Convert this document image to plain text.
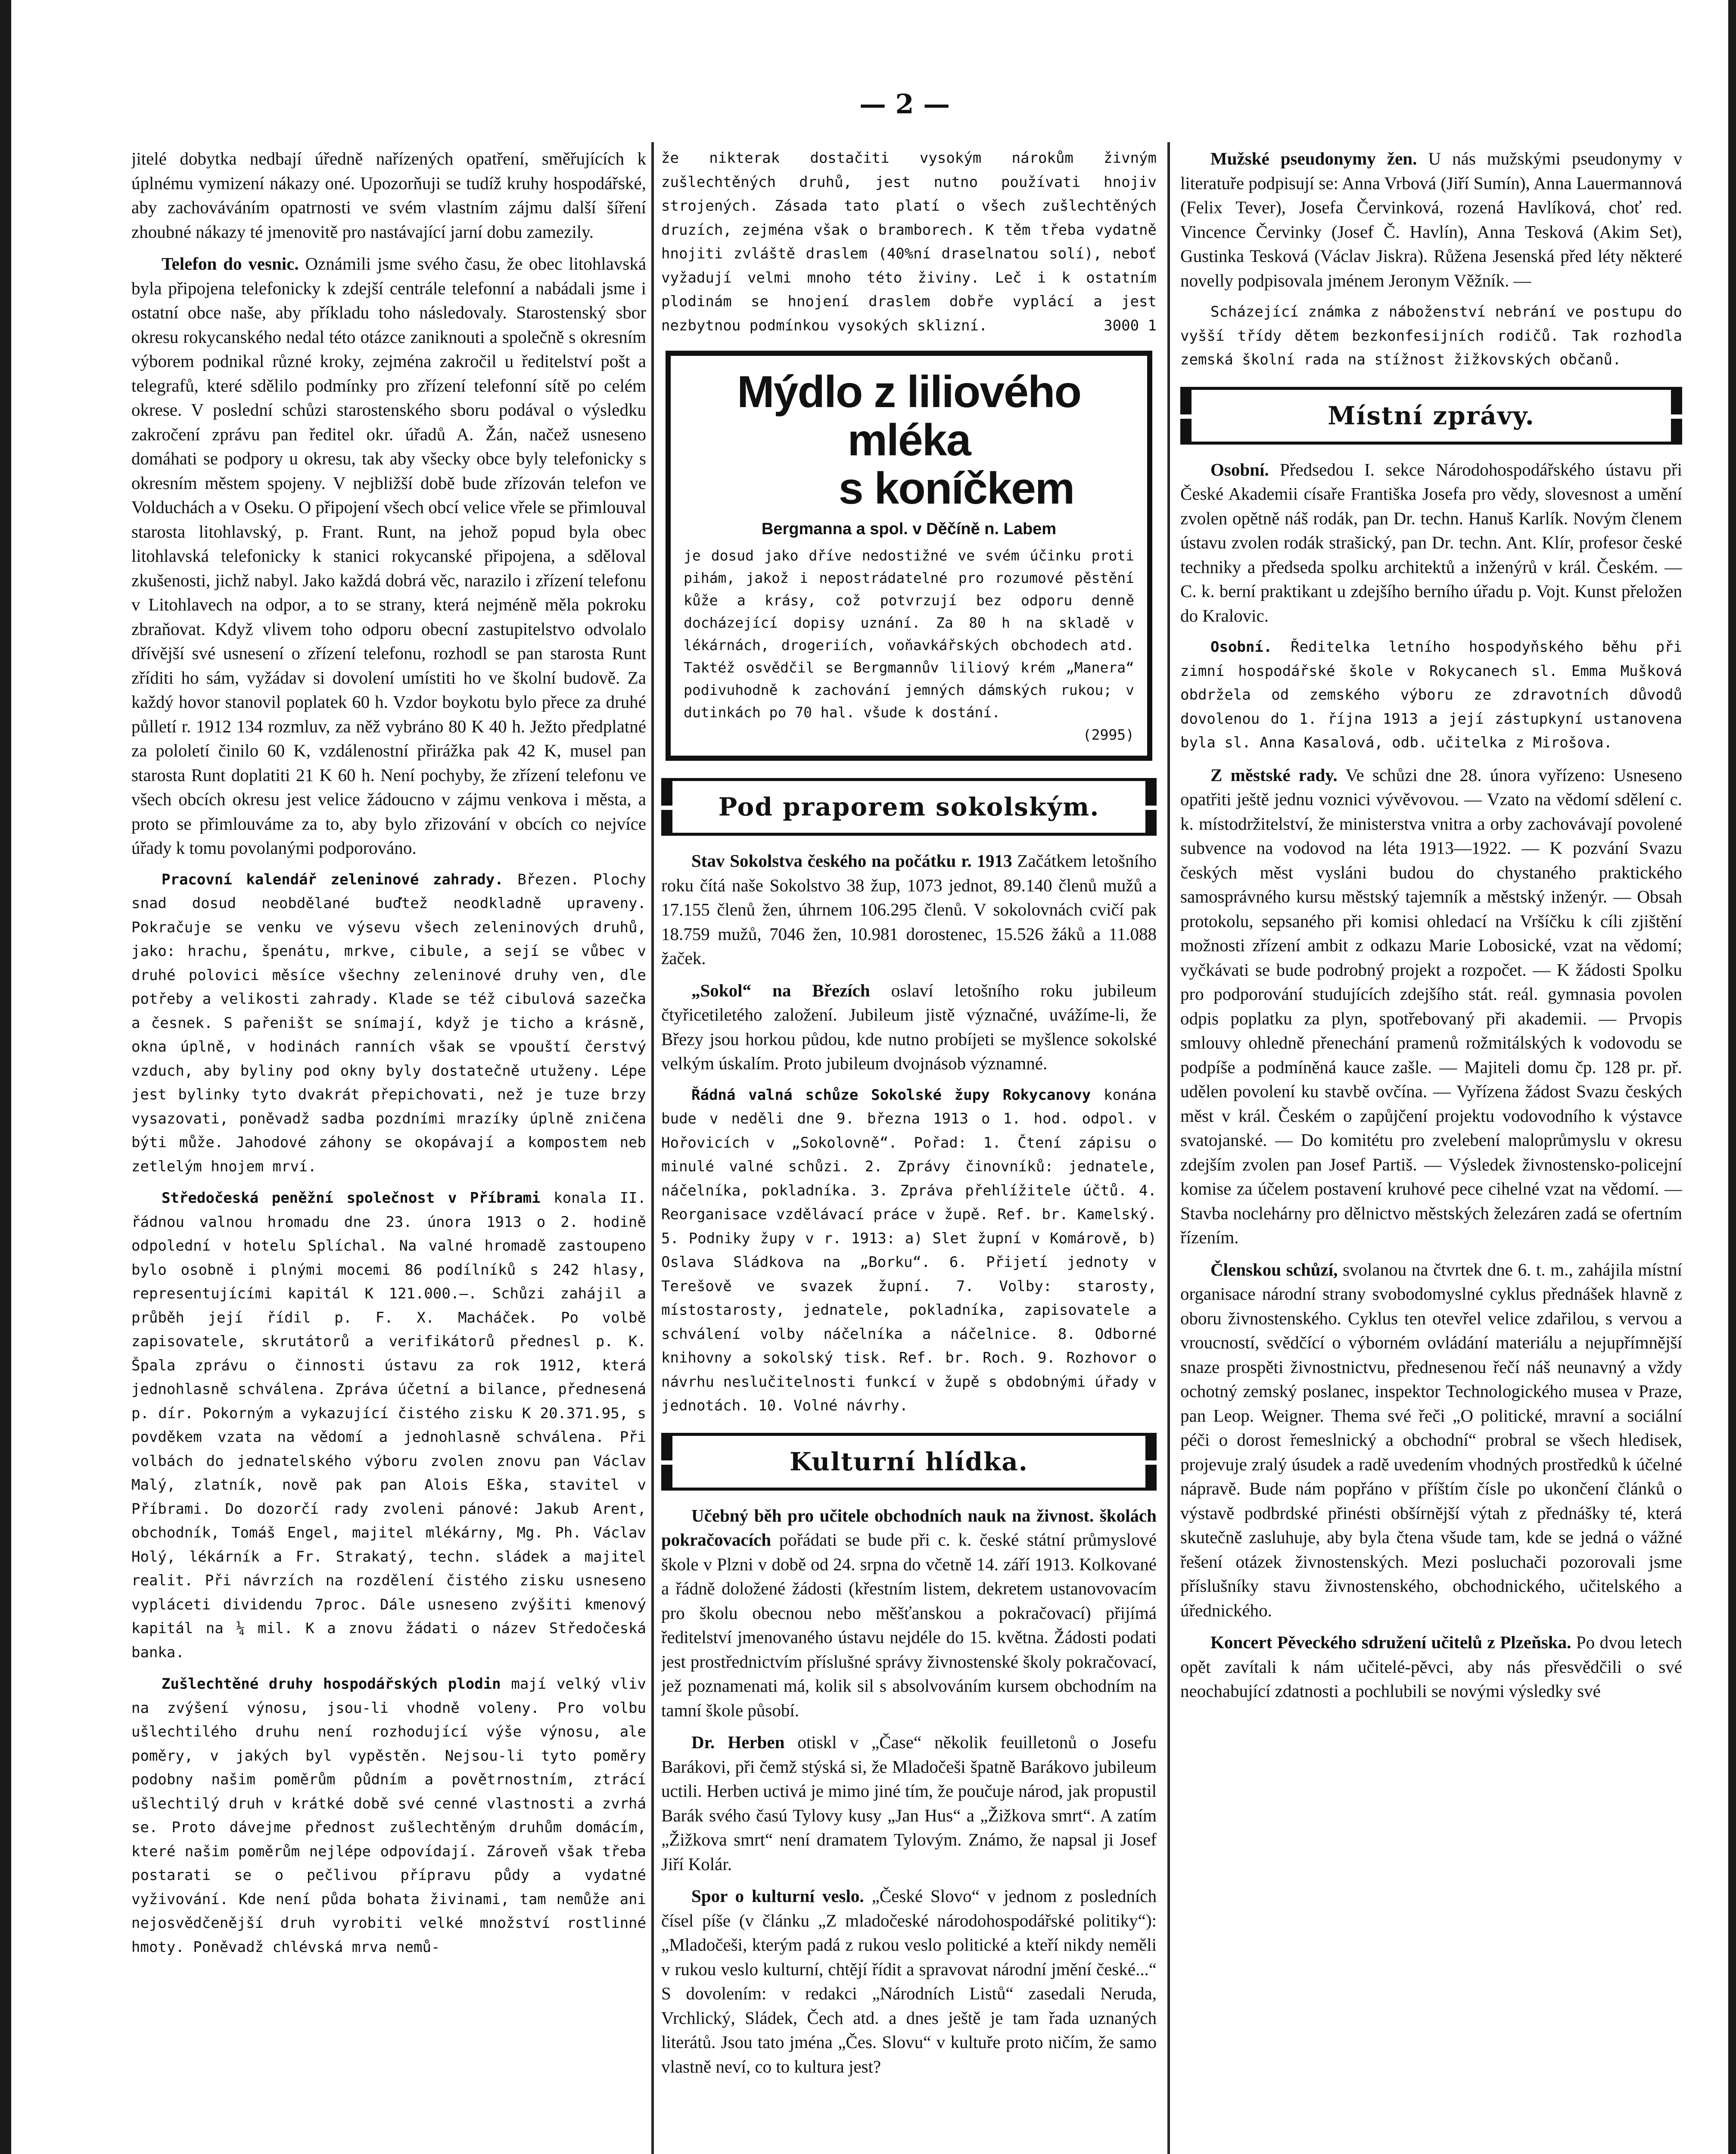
— 2 —

jitelé dobytka nedbají úředně nařízených opatření, směřujících k úplnému vymizení nákazy oné. Upozorňuji se tudíž kruhy hospodářské, aby zachováváním opatrnosti ve svém vlastním zájmu další šíření zhoubné nákazy té jmenovitě pro nastávající jarní dobu zamezily.

Telefon do vesnic. Oznámili jsme svého času, že obec litohlavská byla připojena telefonicky k zdejší centrále telefonní a nabádali jsme i ostatní obce naše, aby příkladu toho následovaly. Starostenský sbor okresu rokycanského nedal této otázce zaniknouti a společně s okresním výborem podnikal různé kroky, zejména zakročil u ředitelství pošt a telegrafů, které sdělilo podmínky pro zřízení telefonní sítě po celém okrese. V poslední schůzi starostenského sboru podával o výsledku zakročení zprávu pan ředitel okr. úřadů A. Žán, načež usneseno domáhati se podpory u okresu, tak aby všecky obce byly telefonicky s okresním městem spojeny. V nejbližší době bude zřízován telefon ve Volduchách a v Oseku. O připojení všech obcí velice vřele se přimlouval starosta litohlavský, p. Frant. Runt, na jehož popud byla obec litohlavská telefonicky k stanici rokycanské připojena, a sděloval zkušenosti, jichž nabyl. Jako každá dobrá věc, narazilo i zřízení telefonu v Litohlavech na odpor, a to se strany, která nejméně měla pokroku zbraňovat. Když vlivem toho odporu obecní zastupitelstvo odvolalo dřívější své usnesení o zřízení telefonu, rozhodl se pan starosta Runt zříditi ho sám, vyžádav si dovolení umístiti ho ve školní budově. Za každý hovor stanovil poplatek 60 h. Vzdor boykotu bylo přece za druhé půlletí r. 1912 134 rozmluv, za něž vybráno 80 K 40 h. Ježto předplatné za pololetí činilo 60 K, vzdálenostní přirážka pak 42 K, musel pan starosta Runt doplatiti 21 K 60 h. Není pochyby, že zřízení telefonu ve všech obcích okresu jest velice žádoucno v zájmu venkova i města, a proto se přimlouváme za to, aby bylo zřizování v obcích co nejvíce úřady k tomu povolanými podporováno.

Pracovní kalendář zeleninové zahrady. Březen. Plochy snad dosud neobdělané buďtež neodkladně upraveny. Pokračuje se venku ve výsevu všech zeleninových druhů, jako: hrachu, špenátu, mrkve, cibule, a sejí se vůbec v druhé polovici měsíce všechny zeleninové druhy ven, dle potřeby a velikosti zahrady. Klade se též cibulová sazečka a česnek. S pařeništ se snímají, když je ticho a krásně, okna úplně, v hodinách ranních však se vpouští čerstvý vzduch, aby byliny pod okny byly dostatečně utuženy. Lépe jest bylinky tyto dvakrát přepichovati, než je tuze brzy vysazovati, poněvadž sadba pozdními mrazíky úplně zničena býti může. Jahodové záhony se okopávají a kompostem neb zetlelým hnojem mrví.

Středočeská peněžní společnost v Příbrami konala II. řádnou valnou hromadu dne 23. února 1913 o 2. hodině odpolední v hotelu Splíchal. Na valné hromadě zastoupeno bylo osobně i plnými mocemi 86 podílníků s 242 hlasy, representujícími kapitál K 121.000.—. Schůzi zahájil a průběh její řídil p. F. X. Macháček. Po volbě zapisovatele, skrutátorů a verifikátorů přednesl p. K. Špala zprávu o činnosti ústavu za rok 1912, která jednohlasně schválena. Zpráva účetní a bilance, přednesená p. dír. Pokorným a vykazující čistého zisku K 20.371.95, s povděkem vzata na vědomí a jednohlasně schválena. Při volbách do jednatelského výboru zvolen znovu pan Václav Malý, zlatník, nově pak pan Alois Eška, stavitel v Příbrami. Do dozorčí rady zvoleni pánové: Jakub Arent, obchodník, Tomáš Engel, majitel mlékárny, Mg. Ph. Václav Holý, lékárník a Fr. Strakatý, techn. sládek a majitel realit. Při návrzích na rozdělení čistého zisku usneseno vypláceti dividendu 7proc. Dále usneseno zvýšiti kmenový kapitál na ¼ mil. K a znovu žádati o název Středočeská banka.

Zušlechtěné druhy hospodářských plodin mají velký vliv na zvýšení výnosu, jsou-li vhodně voleny. Pro volbu ušlechtilého druhu není rozhodující výše výnosu, ale poměry, v jakých byl vypěstěn. Nejsou-li tyto poměry podobny našim poměrům půdním a povětrnostním, ztrácí ušlechtilý druh v krátké době své cenné vlastnosti a zvrhá se. Proto dávejme přednost zušlechtěným druhům domácím, které našim poměrům nejlépe odpovídají. Zároveň však třeba postarati se o pečlivou přípravu půdy a vydatné vyživování. Kde není půda bohata živinami, tam nemůže ani nejosvědčenější druh vyrobiti velké množství rostlinné hmoty. Poněvadž chlévská mrva nemů-

že nikterak dostačiti vysokým nárokům živným zušlechtěných druhů, jest nutno používati hnojiv strojených. Zásada tato platí o všech zušlechtěných druzích, zejména však o bramborech. K těm třeba vydatně hnojiti zvláště draslem (40%ní draselnatou solí), neboť vyžadují velmi mnoho této živiny. Leč i k ostatním plodinám se hnojení draslem dobře vyplácí a jest nezbytnou podmínkou vysokých sklizní.	3000 1

Mýdlo z liliového mléka
s koníčkem
Bergmanna a spol. v Děčíně n. Labem
je dosud jako dříve nedostižné ve svém účinku proti pihám, jakož i nepostrádatelné pro rozumové pěstění kůže a krásy, což potvrzují bez odporu denně docházející dopisy uznání. Za 80 h na skladě v lékárnách, drogeriích, voňavkářských obchodech atd. Taktéž osvědčil se Bergmannův liliový krém „Manera“ podivuhodně k zachování jemných dámských rukou; v dutinkách po 70 hal. všude k dostání.
(2995)
Pod praporem sokolským.

Stav Sokolstva českého na počátku r. 1913 Začátkem letošního roku čítá naše Sokolstvo 38 žup, 1073 jednot, 89.140 členů mužů a 17.155 členů žen, úhrnem 106.295 členů. V sokolovnách cvičí pak 18.759 mužů, 7046 žen, 10.981 dorostenec, 15.526 žáků a 11.088 žaček.

„Sokol“ na Březích oslaví letošního roku jubileum čtyřicetiletého založení. Jubileum jistě význačné, uvážíme-li, že Březy jsou horkou půdou, kde nutno probíjeti se myšlence sokolské velkým úskalím. Proto jubileum dvojnásob významné.

Řádná valná schůze Sokolské župy Rokycanovy konána bude v neděli dne 9. března 1913 o 1. hod. odpol. v Hořovicích v „Sokolovně“. Pořad: 1. Čtení zápisu o minulé valné schůzi. 2. Zprávy činovníků: jednatele, náčelníka, pokladníka. 3. Zpráva přehlížitele účtů. 4. Reorganisace vzdělávací práce v župě. Ref. br. Kamelský. 5. Podniky župy v r. 1913: a) Slet župní v Komárově, b) Oslava Sládkova na „Borku“. 6. Přijetí jednoty v Terešově ve svazek župní. 7. Volby: starosty, místostarosty, jednatele, pokladníka, zapisovatele a schválení volby náčelníka a náčelnice. 8. Odborné knihovny a sokolský tisk. Ref. br. Roch. 9. Rozhovor o návrhu neslučitelnosti funkcí v župě s obdobnými úřady v jednotách. 10. Volné návrhy.

Kulturní hlídka.

Učebný běh pro učitele obchodních nauk na živnost. školách pokračovacích pořádati se bude při c. k. české státní průmyslové škole v Plzni v době od 24. srpna do včetně 14. září 1913. Kolkované a řádně doložené žádosti (křestním listem, dekretem ustanovovacím pro školu obecnou nebo měšťanskou a pokračovací) přijímá ředitelství jmenovaného ústavu nejdéle do 15. května. Žádosti podati jest prostřednictvím příslušné správy živnostenské školy pokračovací, jež poznamenati má, kolik sil s absolvováním kursem obchodním na tamní škole působí.

Dr. Herben otiskl v „Čase“ několik feuilletonů o Josefu Barákovi, při čemž stýská si, že Mladočeši špatně Barákovo jubileum uctili. Herben uctivá je mimo jiné tím, že poučuje národ, jak propustil Barák svého časú Tylovy kusy „Jan Hus“ a „Žižkova smrt“. A zatím „Žižkova smrt“ není dramatem Tylovým. Známo, že napsal ji Josef Jiří Kolár.

Spor o kulturní veslo. „České Slovo“ v jednom z posledních čísel píše (v článku „Z mladočeské národohospodářské politiky“): „Mladočeši, kterým padá z rukou veslo politické a kteří nikdy neměli v rukou veslo kulturní, chtějí řídit a spravovat národní jmění české...“ S dovolením: v redakci „Národních Listů“ zasedali Neruda, Vrchlický, Sládek, Čech atd. a dnes ještě je tam řada uznaných literátů. Jsou tato jména „Čes. Slovu“ v kultuře proto ničím, že samo vlastně neví, co to kultura jest?

Mužské pseudonymy žen. U nás mužskými pseudonymy v literatuře podpisují se: Anna Vrbová (Jiří Sumín), Anna Lauermannová (Felix Tever), Josefa Červinková, rozená Havlíková, choť red. Vincence Červinky (Josef Č. Havlín), Anna Tesková (Akim Set), Gustinka Tesková (Václav Jiskra). Růžena Jesenská před léty některé novelly podpisovala jménem Jeronym Věžník. —

Scházející známka z náboženství nebrání ve postupu do vyšší třídy dětem bezkonfesijních rodičů. Tak rozhodla zemská školní rada na stížnost žižkovských občanů.

Místní zprávy.

Osobní. Předsedou I. sekce Národohospodářského ústavu při České Akademii císaře Františka Josefa pro vědy, slovesnost a umění zvolen opětně náš rodák, pan Dr. techn. Hanuš Karlík. Novým členem ústavu zvolen rodák strašický, pan Dr. techn. Ant. Klír, profesor české techniky a předseda spolku architektů a inženýrů v král. Českém. — C. k. berní praktikant u zdejšího berního úřadu p. Vojt. Kunst přeložen do Kralovic.

Osobní. Ředitelka letního hospodyňského běhu při zimní hospodářské škole v Rokycanech sl. Emma Mušková obdržela od zemského výboru ze zdravotních důvodů dovolenou do 1. října 1913 a její zástupkyní ustanovena byla sl. Anna Kasalová, odb. učitelka z Mirošova.

Z městské rady. Ve schůzi dne 28. února vyřízeno: Usneseno opatřiti ještě jednu voznici vývěvovou. — Vzato na vědomí sdělení c. k. místodržitelství, že ministerstva vnitra a orby zachovávají povolené subvence na vodovod na léta 1913—1922. — K pozvání Svazu českých měst vysláni budou do chystaného praktického samosprávného kursu městský tajemník a městský inženýr. — Obsah protokolu, sepsaného při komisi ohledací na Vršíčku k cíli zjištění možnosti zřízení ambit z odkazu Marie Lobosické, vzat na vědomí; vyčkávati se bude podrobný projekt a rozpočet. — K žádosti Spolku pro podporování studujících zdejšího stát. reál. gymnasia povolen odpis poplatku za plyn, spotřebovaný při akademii. — Prvopis smlouvy ohledně přenechání pramenů rožmitálských k vodovodu se podpíše a podmíněná kauce zašle. — Majiteli domu čp. 128 pr. př. udělen povolení ku stavbě ovčína. — Vyřízena žádost Svazu českých měst v král. Českém o zapůjčení projektu vodovodního k výstavce svatojanské. — Do komitétu pro zvelebení maloprůmyslu v okresu zdejším zvolen pan Josef Partiš. — Výsledek živnostensko-policejní komise za účelem postavení kruhové pece cihelné vzat na vědomí. — Stavba noclehárny pro dělnictvo městských železáren zadá se ofertním řízením.

Členskou schůzí, svolanou na čtvrtek dne 6. t. m., zahájila místní organisace národní strany svobodomyslné cyklus přednášek hlavně z oboru živnostenského. Cyklus ten otevřel velice zdařilou, s vervou a vroucností, svědčící o výborném ovládání materiálu a nejupřímnější snaze prospěti živnostnictvu, přednesenou řečí náš neunavný a vždy ochotný zemský poslanec, inspektor Technologického musea v Praze, pan Leop. Weigner. Thema své řeči „O politické, mravní a sociální péči o dorost řemeslnický a obchodní“ probral se všech hledisek, projevuje zralý úsudek a radě uvedením vhodných prostředků k účelné nápravě. Bude nám popřáno v příštím čísle po ukončení článků o výstavě podbrdské přinésti obšírnější výtah z přednášky té, která skutečně zasluhuje, aby byla čtena všude tam, kde se jedná o vážné řešení otázek živnostenských. Mezi posluchači pozorovali jsme příslušníky stavu živnostenského, obchodnického, učitelského a úřednického.

Koncert Pěveckého sdružení učitelů z Plzeňska. Po dvou letech opět zavítali k nám učitelé-pěvci, aby nás přesvědčili o své neochabující zdatnosti a pochlubili se novými výsledky své
